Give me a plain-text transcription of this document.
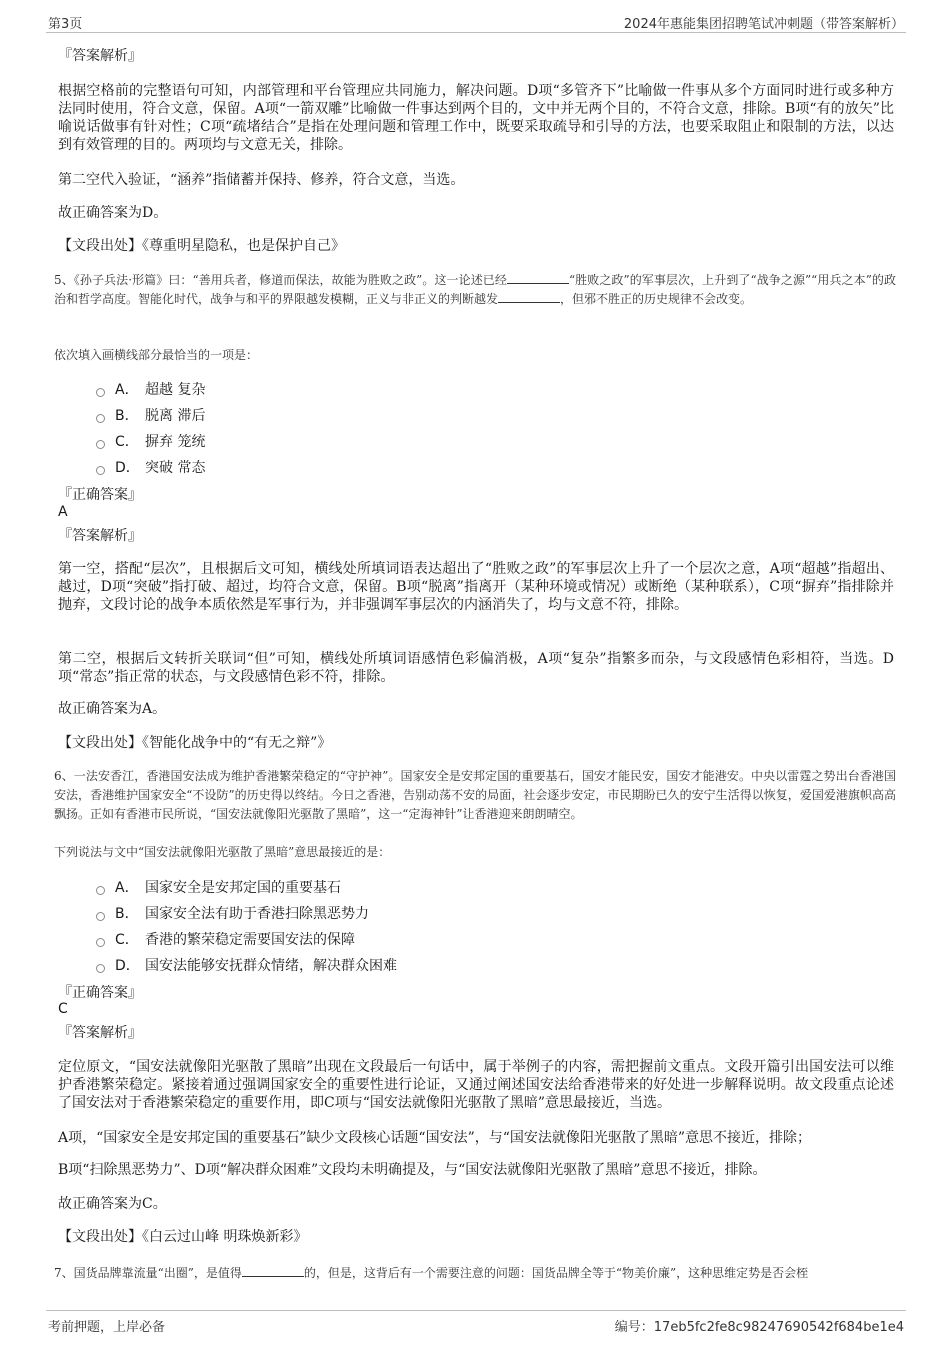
第3页	2024年惠能集团招聘笔试冲刺题（带答案解析）
『答案解析』
根据空格前的完整语句可知，内部管理和平台管理应共同施力，解决问题。D项“多管齐下”比喻做一件事从多个方面同时进行或多种方法同时使用，符合文意，保留。A项“一箭双雕”比喻做一件事达到两个目的，文中并无两个目的，不符合文意，排除。B项“有的放矢”比喻说话做事有针对性；C项“疏堵结合”是指在处理问题和管理工作中，既要采取疏导和引导的方法，也要采取阻止和限制的方法，以达到有效管理的目的。两项均与文意无关，排除。
第二空代入验证，“涵养”指储蓄并保持、修养，符合文意，当选。
故正确答案为D。
【文段出处】《尊重明星隐私，也是保护自己》
5、《孙子兵法·形篇》曰：“善用兵者，修道而保法，故能为胜败之政”。这一论述已经	“胜败之政”的军事层次，上升到了“战争之源”“用兵之本”的政治和哲学高度。智能化时代，战争与和平的界限越发模糊，正义与非正义的判断越发	，但邪不胜正的历史规律不会改变。
依次填入画横线部分最恰当的一项是：
A． 超越 复杂
B． 脱离 滞后
C． 摒弃 笼统
D． 突破 常态
『正确答案』
A
『答案解析』
第一空，搭配“层次”，且根据后文可知，横线处所填词语表达超出了“胜败之政”的军事层次上升了一个层次之意，A项“超越”指超出、越过，D项“突破”指打破、超过，均符合文意，保留。B项“脱离”指离开（某种环境或情况）或断绝（某种联系），C项“摒弃”指排除并抛弃，文段讨论的战争本质依然是军事行为，并非强调军事层次的内涵消失了，均与文意不符，排除。
第二空，根据后文转折关联词“但”可知，横线处所填词语感情色彩偏消极，A项“复杂”指繁多而杂，与文段感情色彩相符，当选。D项“常态”指正常的状态，与文段感情色彩不符，排除。
故正确答案为A。
【文段出处】《智能化战争中的“有无之辩”》
6、一法安香江，香港国安法成为维护香港繁荣稳定的“守护神”。国家安全是安邦定国的重要基石，国安才能民安，国安才能港安。中央以雷霆之势出台香港国安法，香港维护国家安全“不设防”的历史得以终结。今日之香港，告别动荡不安的局面，社会逐步安定，市民期盼已久的安宁生活得以恢复，爱国爱港旗帜高高飘扬。正如有香港市民所说，“国安法就像阳光驱散了黑暗”，这一“定海神针”让香港迎来朗朗晴空。
下列说法与文中“国安法就像阳光驱散了黑暗”意思最接近的是：
A． 国家安全是安邦定国的重要基石
B． 国家安全法有助于香港扫除黑恶势力
C． 香港的繁荣稳定需要国安法的保障
D． 国安法能够安抚群众情绪，解决群众困难
『正确答案』
C
『答案解析』
定位原文，“国安法就像阳光驱散了黑暗”出现在文段最后一句话中，属于举例子的内容，需把握前文重点。文段开篇引出国安法可以维护香港繁荣稳定。紧接着通过强调国家安全的重要性进行论证，又通过阐述国安法给香港带来的好处进一步解释说明。故文段重点论述了国安法对于香港繁荣稳定的重要作用，即C项与“国安法就像阳光驱散了黑暗”意思最接近，当选。
A项，“国家安全是安邦定国的重要基石”缺少文段核心话题“国安法”，与“国安法就像阳光驱散了黑暗”意思不接近，排除；
B项“扫除黑恶势力”、D项“解决群众困难”文段均未明确提及，与“国安法就像阳光驱散了黑暗”意思不接近，排除。
故正确答案为C。
【文段出处】《白云过山峰 明珠焕新彩》
7、国货品牌靠流量“出圈”，是值得	的，但是，这背后有一个需要注意的问题：国货品牌全等于“物美价廉”，这种思维定势是否会桎
考前押题，上岸必备	编号：17eb5fc2fe8c98247690542f684be1e4
